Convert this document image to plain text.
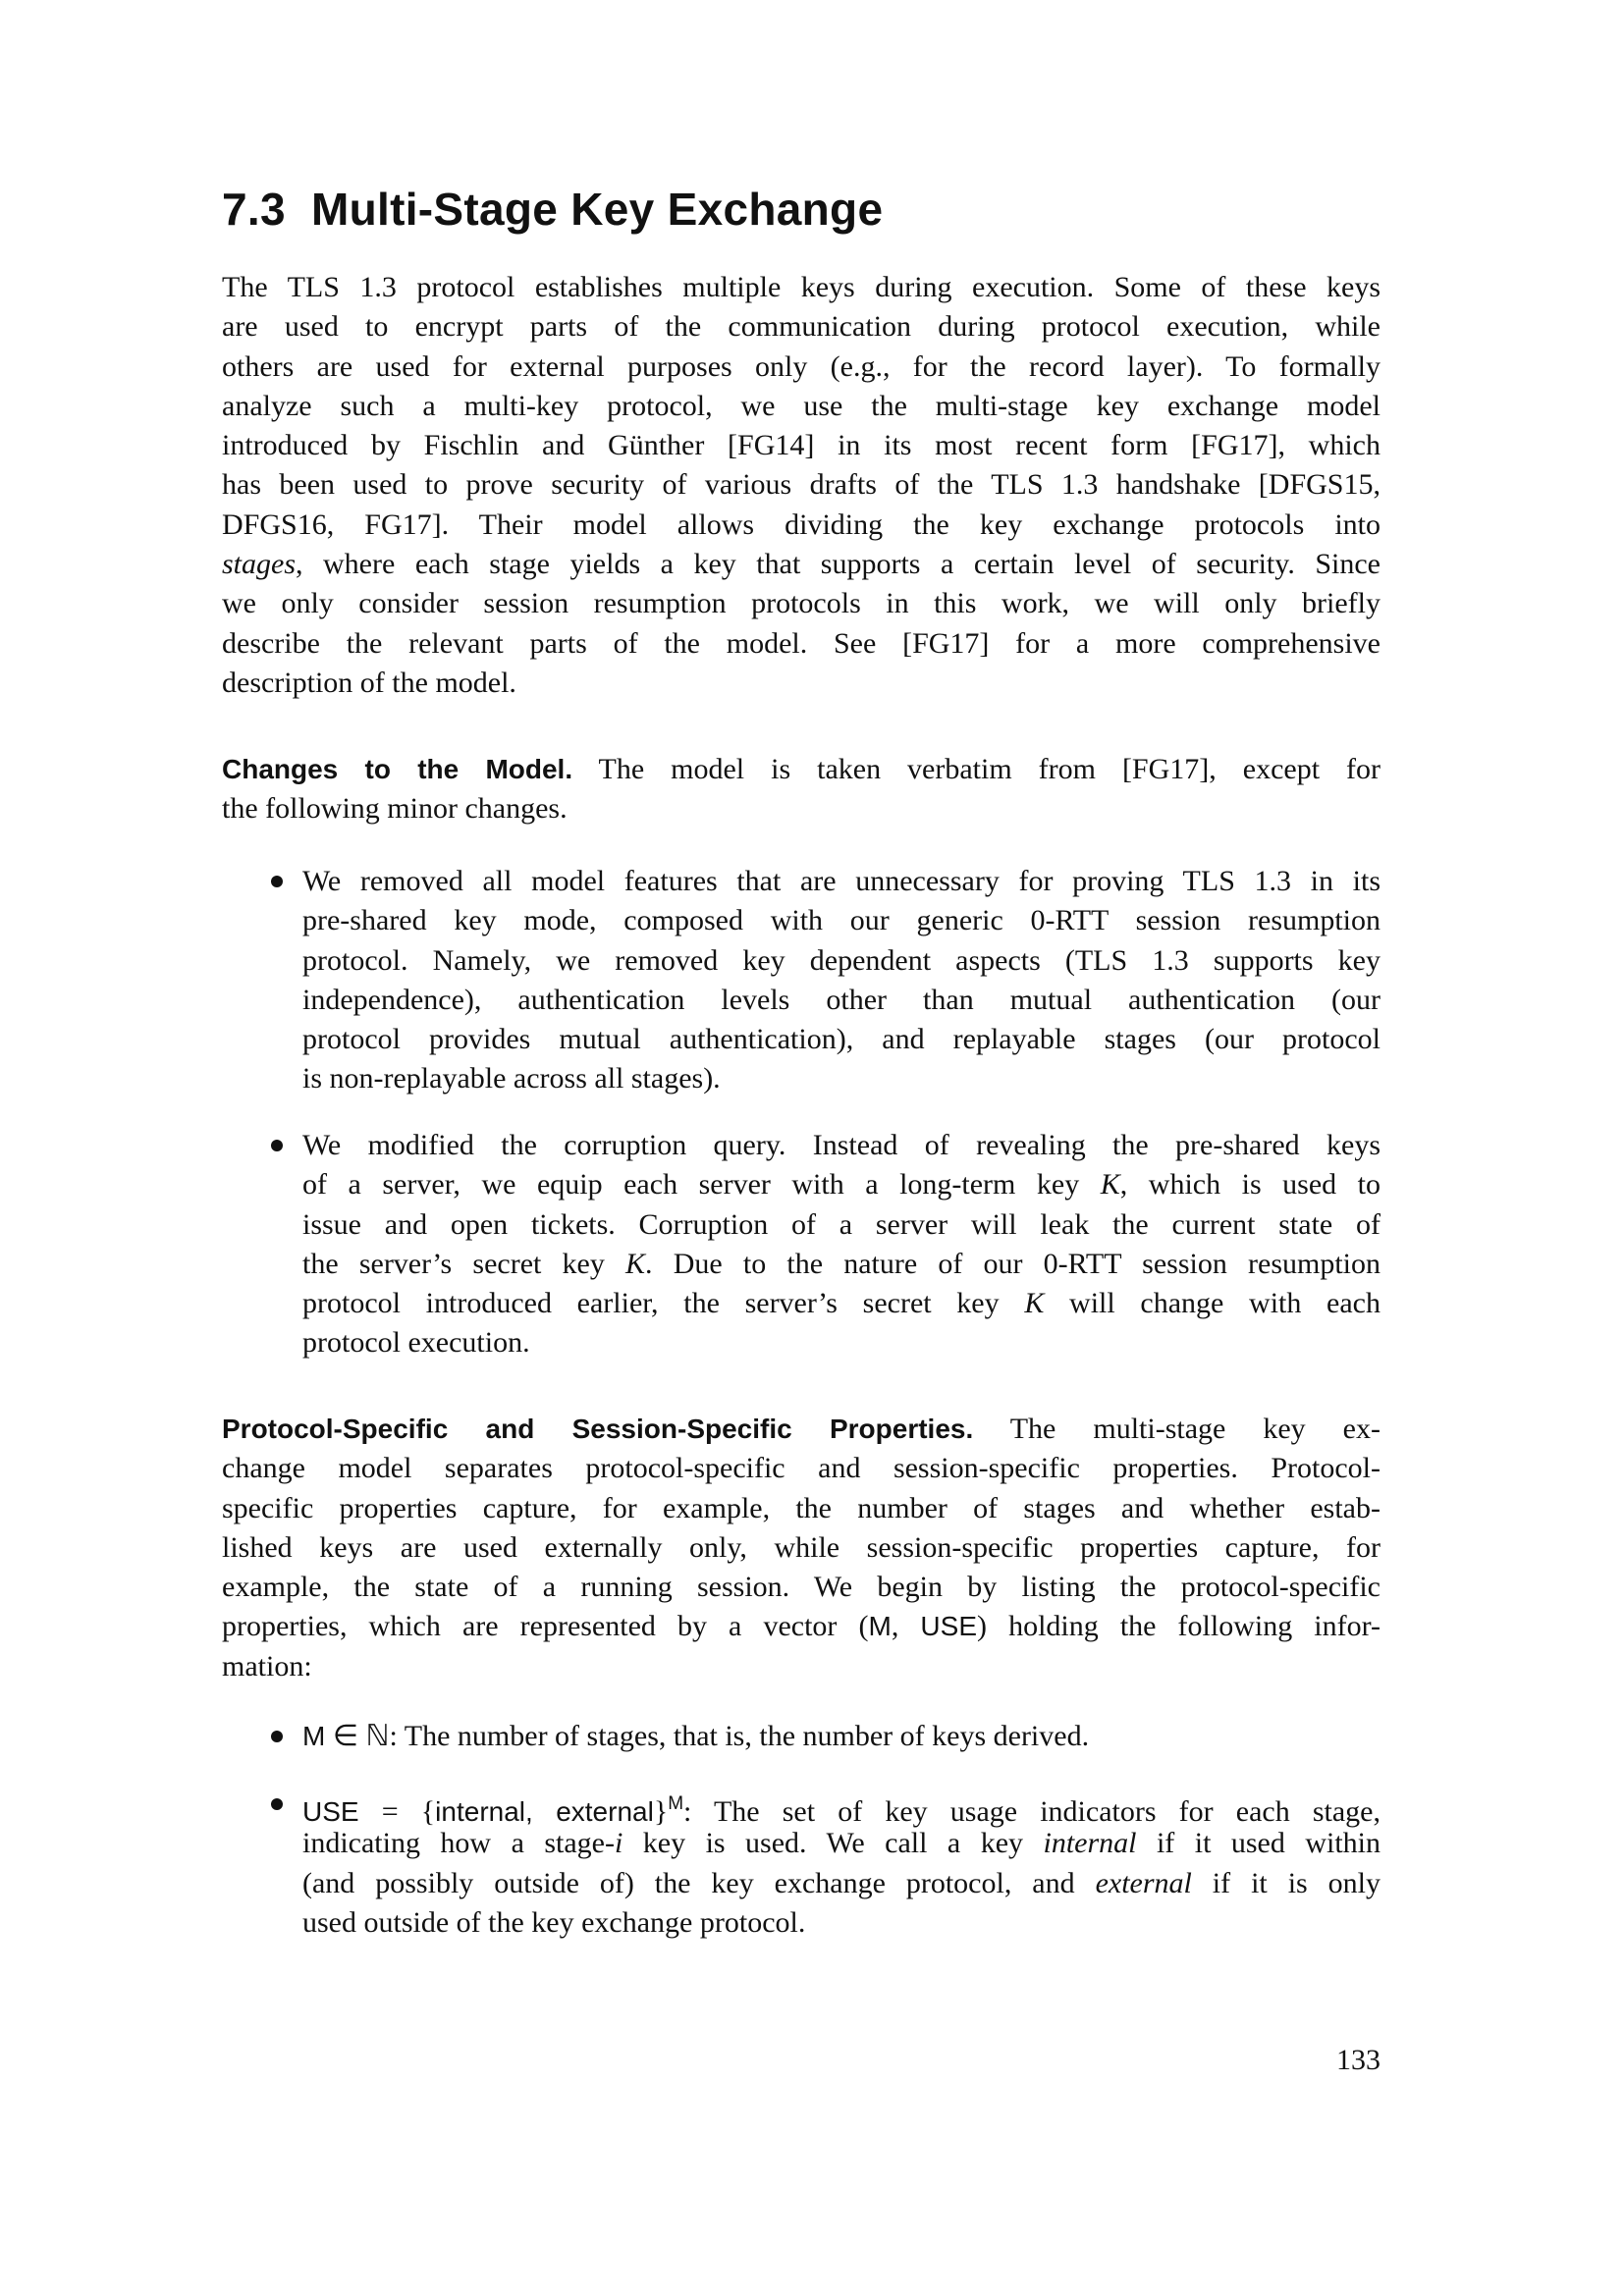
7.3  Multi-Stage Key Exchange
The TLS 1.3 protocol establishes multiple keys during execution. Some of these keys
are used to encrypt parts of the communication during protocol execution, while
others are used for external purposes only (e.g., for the record layer). To formally
analyze such a multi-key protocol, we use the multi-stage key exchange model
introduced by Fischlin and Günther [FG14] in its most recent form [FG17], which
has been used to prove security of various drafts of the TLS 1.3 handshake [DFGS15,
DFGS16, FG17]. Their model allows dividing the key exchange protocols into
stages, where each stage yields a key that supports a certain level of security. Since
we only consider session resumption protocols in this work, we will only briefly
describe the relevant parts of the model. See [FG17] for a more comprehensive
description of the model.
Changes to the Model. The model is taken verbatim from [FG17], except for
the following minor changes.
We removed all model features that are unnecessary for proving TLS 1.3 in its
pre-shared key mode, composed with our generic 0-RTT session resumption
protocol. Namely, we removed key dependent aspects (TLS 1.3 supports key
independence), authentication levels other than mutual authentication (our
protocol provides mutual authentication), and replayable stages (our protocol
is non-replayable across all stages).
We modified the corruption query. Instead of revealing the pre-shared keys
of a server, we equip each server with a long-term key K, which is used to
issue and open tickets. Corruption of a server will leak the current state of
the server’s secret key K. Due to the nature of our 0-RTT session resumption
protocol introduced earlier, the server’s secret key K will change with each
protocol execution.
Protocol-Specific and Session-Specific Properties. The multi-stage key ex-
change model separates protocol-specific and session-specific properties. Protocol-
specific properties capture, for example, the number of stages and whether estab-
lished keys are used externally only, while session-specific properties capture, for
example, the state of a running session. We begin by listing the protocol-specific
properties, which are represented by a vector (M, USE) holding the following infor-
mation:
M ∈ ℕ: The number of stages, that is, the number of keys derived.
USE = {internal, external}$^M$: The set of key usage indicators for each stage,
indicating how a stage-i key is used. We call a key internal if it used within
(and possibly outside of) the key exchange protocol, and external if it is only
used outside of the key exchange protocol.
133
